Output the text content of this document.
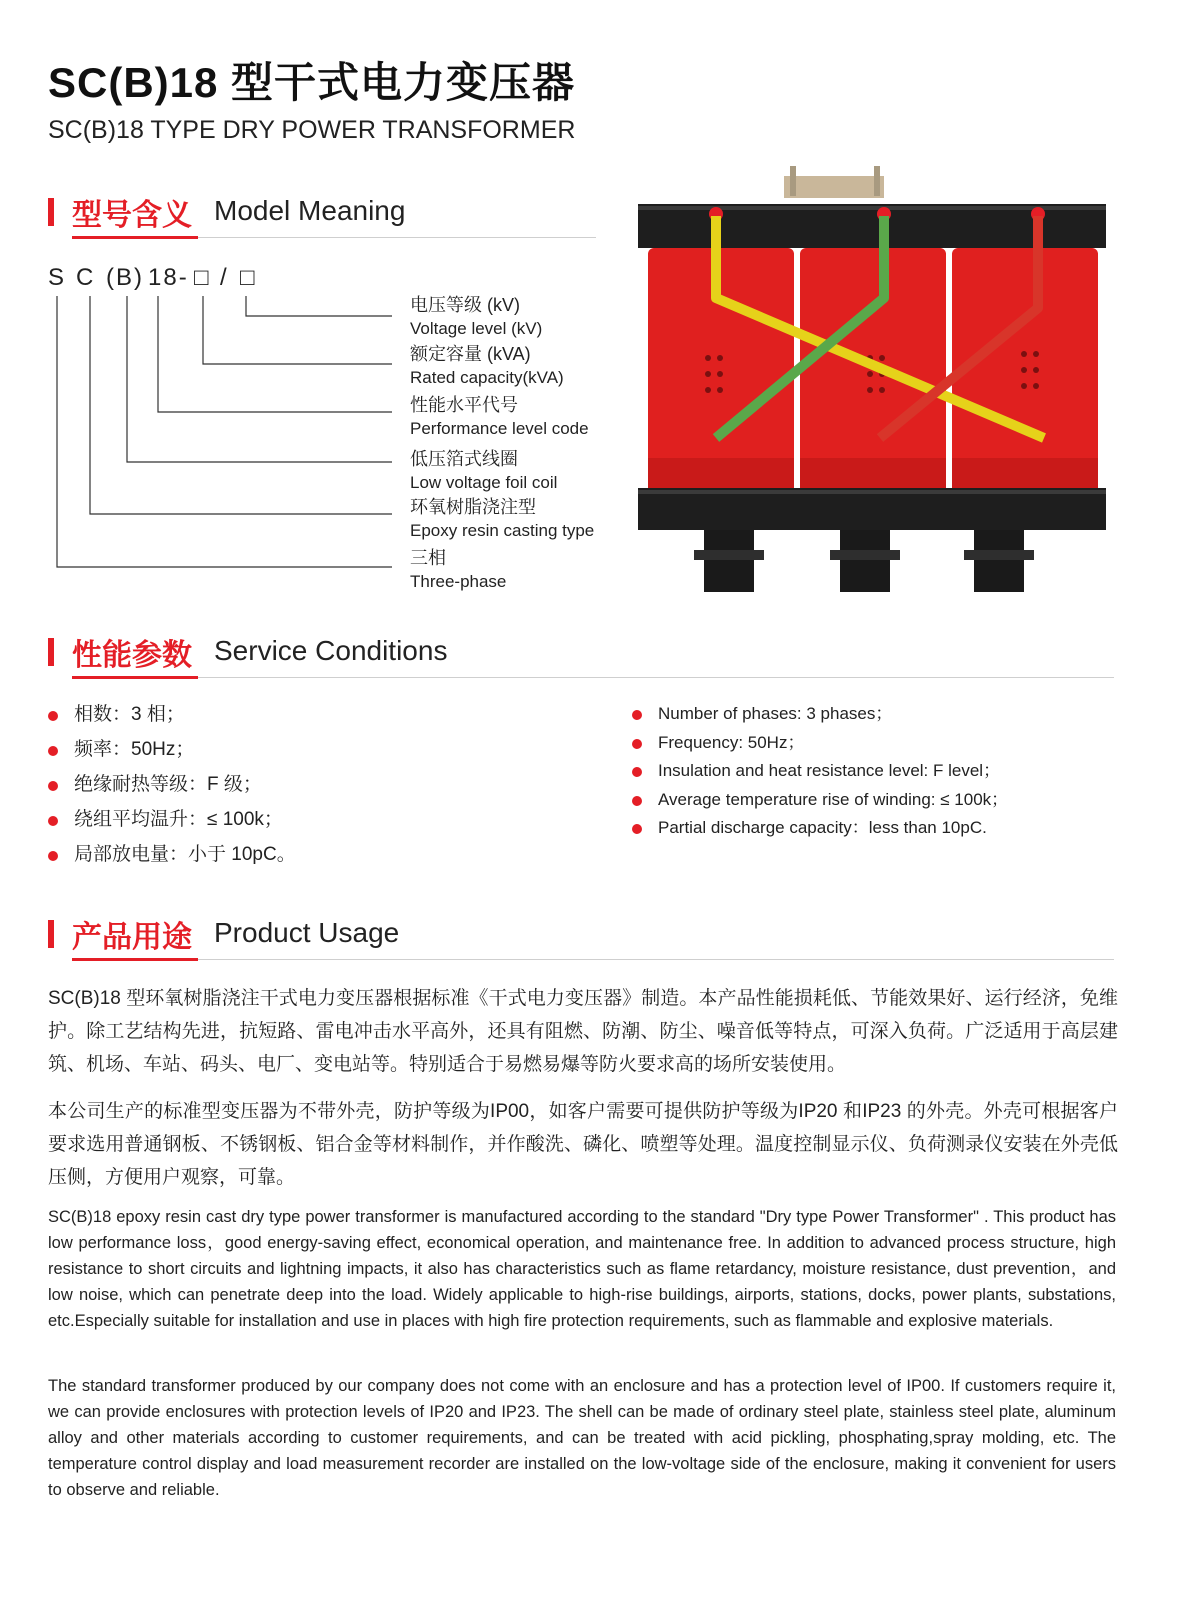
SC(B)18 型干式电力变压器
SC(B)18 TYPE DRY POWER TRANSFORMER
型号含义 Model Meaning
S C (B) 18- □ / □
电压等级 (kV)
Voltage level (kV)
额定容量 (kVA)
Rated capacity(kVA)
性能水平代号
Performance level code
低压箔式线圈
Low voltage foil coil
环氧树脂浇注型
Epoxy resin casting type
三相
Three-phase
性能参数 Service Conditions
相数：3 相；
频率：50Hz；
绝缘耐热等级：F 级；
绕组平均温升：≤ 100k；
局部放电量：小于 10pC。
Number of phases: 3 phases；
Frequency: 50Hz；
Insulation and heat resistance level: F level；
Average temperature rise of winding: ≤ 100k；
Partial discharge capacity：less than 10pC.
产品用途 Product Usage

SC(B)18 型环氧树脂浇注干式电力变压器根据标准《干式电力变压器》制造。本产品性能损耗低、节能效果好、运行经济，免维护。除工艺结构先进，抗短路、雷电冲击水平高外，还具有阻燃、防潮、防尘、噪音低等特点，可深入负荷。广泛适用于高层建筑、机场、车站、码头、电厂、变电站等。特别适合于易燃易爆等防火要求高的场所安装使用。

本公司生产的标准型变压器为不带外壳，防护等级为IP00，如客户需要可提供防护等级为IP20 和IP23 的外壳。外壳可根据客户要求选用普通钢板、不锈钢板、铝合金等材料制作，并作酸洗、磷化、喷塑等处理。温度控制显示仪、负荷测录仪安装在外壳低压侧，方便用户观察，可靠。

SC(B)18 epoxy resin cast dry type power transformer is manufactured according to the standard "Dry type Power Transformer" . This product has low performance loss，good energy-saving effect, economical operation, and maintenance free. In addition to advanced process structure, high resistance to short circuits and lightning impacts, it also has characteristics such as flame retardancy, moisture resistance, dust prevention，and low noise, which can penetrate deep into the load. Widely applicable to high-rise buildings, airports, stations, docks, power plants, substations, etc.Especially suitable for installation and use in places with high fire protection requirements, such as flammable and explosive materials.

The standard transformer produced by our company does not come with an enclosure and has a protection level of IP00. If customers require it, we can provide enclosures with protection levels of IP20 and IP23. The shell can be made of ordinary steel plate, stainless steel plate, aluminum alloy and other materials according to customer requirements, and can be treated with acid pickling, phosphating,spray molding, etc. The temperature control display and load measurement recorder are installed on the low-voltage side of the enclosure, making it convenient for users to observe and reliable.
